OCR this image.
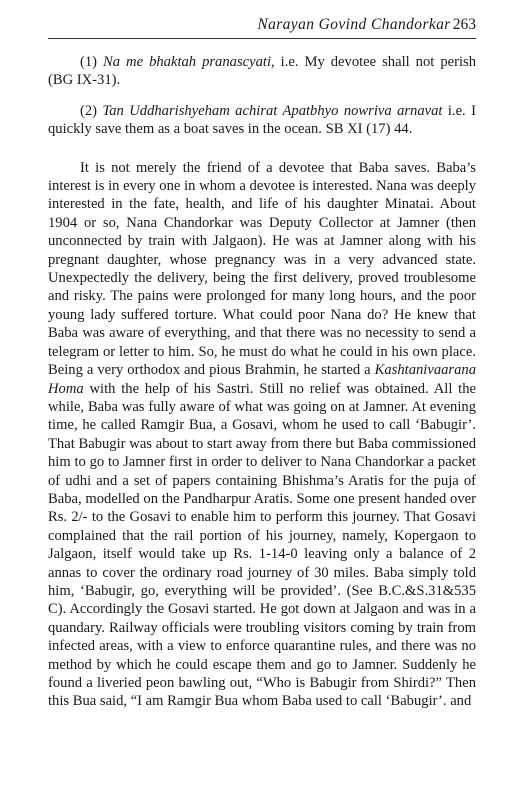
Narayan Govind Chandorkar 263

(1) Na me bhaktah pranascyati, i.e. My devotee shall not perish (BG IX-31).

(2) Tan Uddharishyeham achirat Apatbhyo nowriva arnavat i.e. I quickly save them as a boat saves in the ocean. SB XI (17) 44.

It is not merely the friend of a devotee that Baba saves. Baba’s interest is in every one in whom a devotee is interested. Nana was deeply interested in the fate, health, and life of his daughter Minatai. About 1904 or so, Nana Chandorkar was Deputy Collector at Jamner (then unconnected by train with Jalgaon). He was at Jamner along with his pregnant daughter, whose pregnancy was in a very advanced state. Unexpectedly the delivery, being the first delivery, proved troublesome and risky. The pains were prolonged for many long hours, and the poor young lady suffered torture. What could poor Nana do? He knew that Baba was aware of everything, and that there was no necessity to send a telegram or letter to him. So, he must do what he could in his own place. Being a very orthodox and pious Brahmin, he started a Kashtanivaarana Homa with the help of his Sastri. Still no relief was obtained. All the while, Baba was fully aware of what was going on at Jamner. At evening time, he called Ramgir Bua, a Gosavi, whom he used to call ‘Babugir’. That Babugir was about to start away from there but Baba commissioned him to go to Jamner first in order to deliver to Nana Chandorkar a packet of udhi and a set of papers containing Bhishma’s Aratis for the puja of Baba, modelled on the Pandharpur Aratis. Some one present handed over Rs. 2/- to the Gosavi to enable him to perform this journey. That Gosavi complained that the rail portion of his journey, namely, Kopergaon to Jalgaon, itself would take up Rs. 1-14-0 leaving only a balance of 2 annas to cover the ordinary road journey of 30 miles. Baba simply told him, ‘Babugir, go, everything will be provided’. (See B.C.&S.31&535 C). Accordingly the Gosavi started. He got down at Jalgaon and was in a quandary. Railway officials were troubling visitors coming by train from infected areas, with a view to enforce quarantine rules, and there was no method by which he could escape them and go to Jamner. Suddenly he found a liveried peon bawling out, “Who is Babugir from Shirdi?” Then this Bua said, “I am Ramgir Bua whom Baba used to call ‘Babugir’. and
